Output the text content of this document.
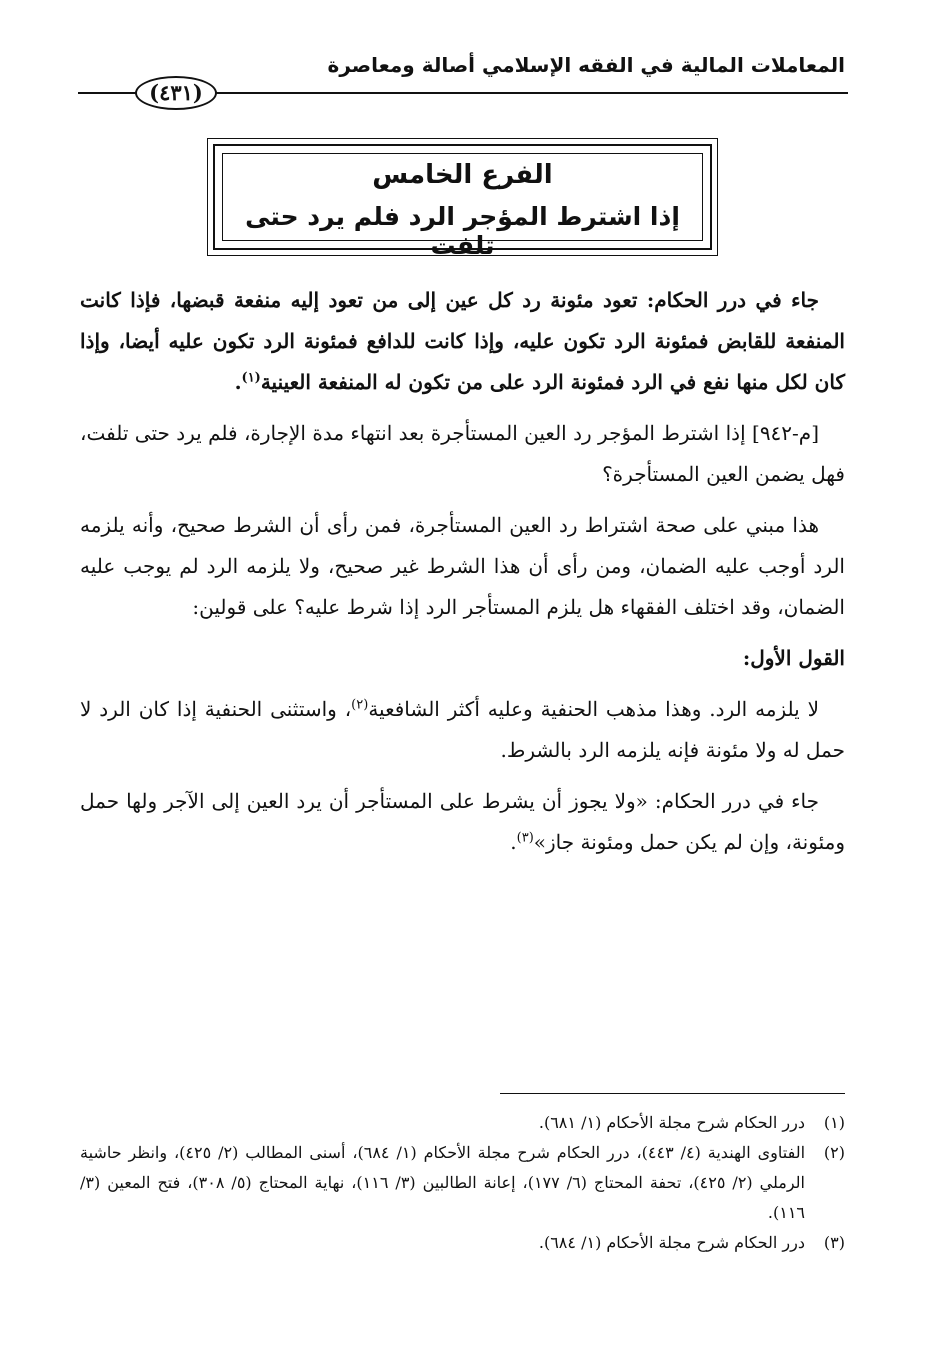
المعاملات المالية في الفقه الإسلامي أصالة ومعاصرة
(٤٣١)
الفرع الخامس
إذا اشترط المؤجر الرد فلم يرد حتى تلفت

جاء في درر الحكام: تعود مئونة رد كل عين إلى من تعود إليه منفعة قبضها، فإذا كانت المنفعة للقابض فمئونة الرد تكون عليه، وإذا كانت للدافع فمئونة الرد تكون عليه أيضا، وإذا كان لكل منها نفع في الرد فمئونة الرد على من تكون له المنفعة العينية$^{(١)}$.

[م-٩٤٢] إذا اشترط المؤجر رد العين المستأجرة بعد انتهاء مدة الإجارة، فلم يرد حتى تلفت، فهل يضمن العين المستأجرة؟

هذا مبني على صحة اشتراط رد العين المستأجرة، فمن رأى أن الشرط صحيح، وأنه يلزمه الرد أوجب عليه الضمان، ومن رأى أن هذا الشرط غير صحيح، ولا يلزمه الرد لم يوجب عليه الضمان، وقد اختلف الفقهاء هل يلزم المستأجر الرد إذا شرط عليه؟ على قولين:

القول الأول:

لا يلزمه الرد. وهذا مذهب الحنفية وعليه أكثر الشافعية$^{(٢)}$، واستثنى الحنفية إذا كان الرد لا حمل له ولا مئونة فإنه يلزمه الرد بالشرط.

جاء في درر الحكام: «ولا يجوز أن يشرط على المستأجر أن يرد العين إلى الآجر ولها حمل ومئونة، وإن لم يكن حمل ومئونة جاز»$^{(٣)}$.

(١)
درر الحكام شرح مجلة الأحكام (١/ ٦٨١).
(٢)
الفتاوى الهندية (٤/ ٤٤٣)، درر الحكام شرح مجلة الأحكام (١/ ٦٨٤)، أسنى المطالب (٢/ ٤٢٥)، وانظر حاشية الرملي (٢/ ٤٢٥)، تحفة المحتاج (٦/ ١٧٧)، إعانة الطالبين (٣/ ١١٦)، نهاية المحتاج (٥/ ٣٠٨)، فتح المعين (٣/ ١١٦).
(٣)
درر الحكام شرح مجلة الأحكام (١/ ٦٨٤).
